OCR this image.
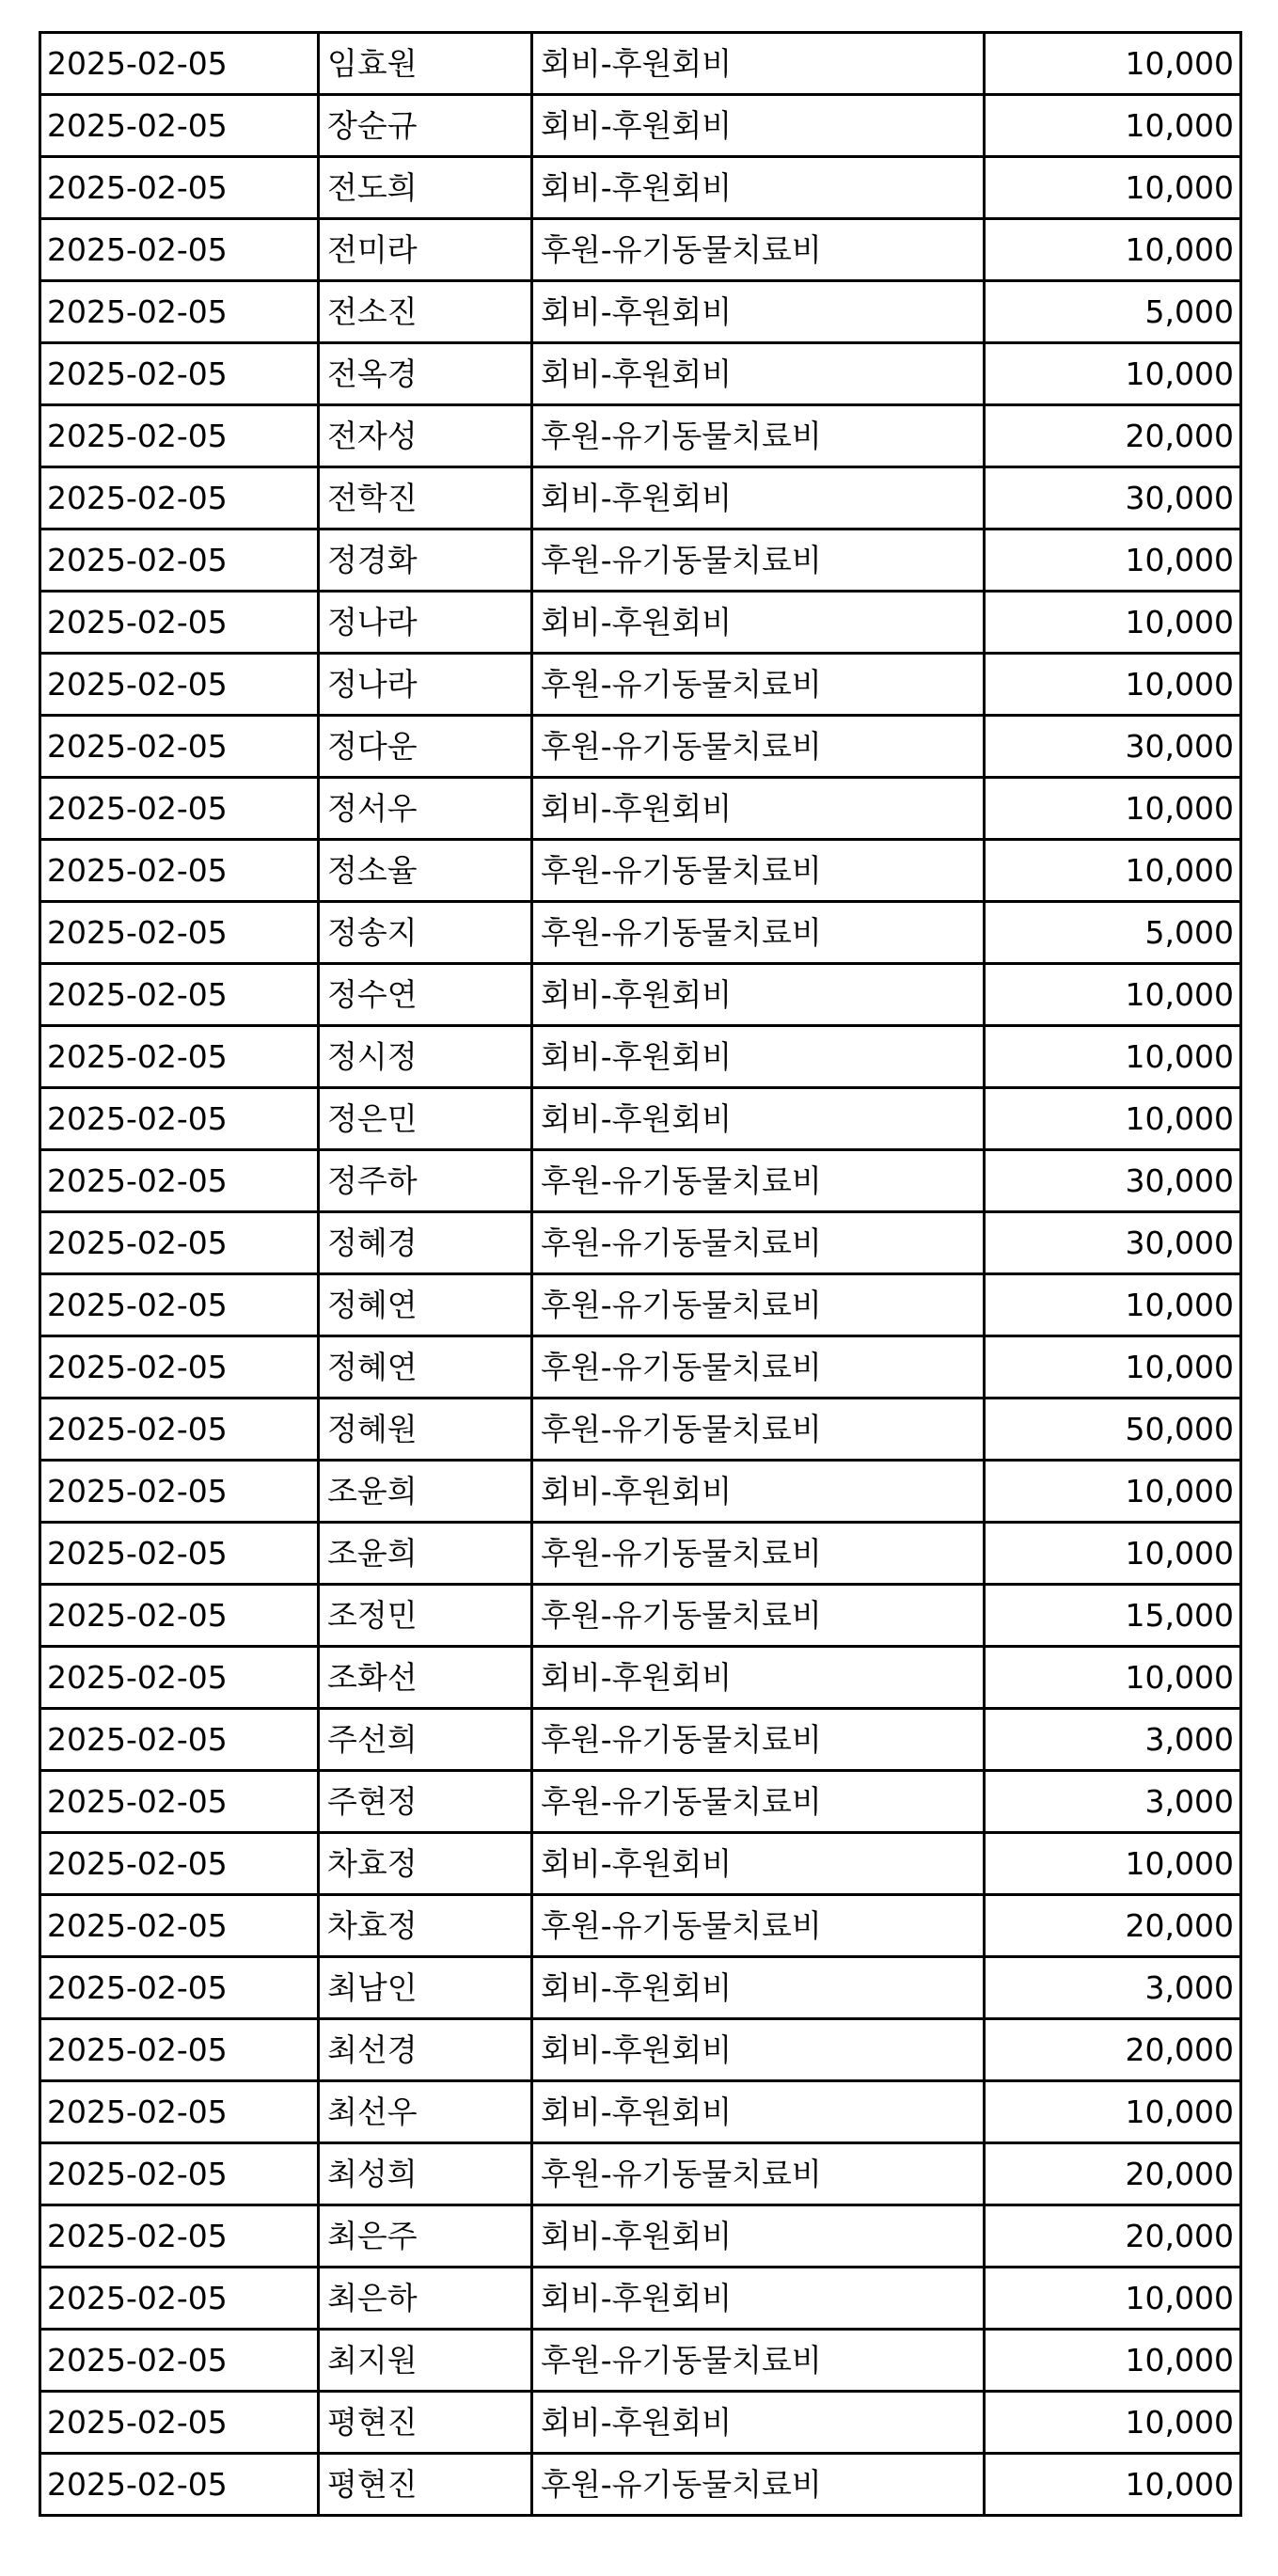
2025-02-05	임효원	회비-후원회비	10,000
2025-02-05	장순규	회비-후원회비	10,000
2025-02-05	전도희	회비-후원회비	10,000
2025-02-05	전미라	후원-유기동물치료비	10,000
2025-02-05	전소진	회비-후원회비	5,000
2025-02-05	전옥경	회비-후원회비	10,000
2025-02-05	전자성	후원-유기동물치료비	20,000
2025-02-05	전학진	회비-후원회비	30,000
2025-02-05	정경화	후원-유기동물치료비	10,000
2025-02-05	정나라	회비-후원회비	10,000
2025-02-05	정나라	후원-유기동물치료비	10,000
2025-02-05	정다운	후원-유기동물치료비	30,000
2025-02-05	정서우	회비-후원회비	10,000
2025-02-05	정소율	후원-유기동물치료비	10,000
2025-02-05	정송지	후원-유기동물치료비	5,000
2025-02-05	정수연	회비-후원회비	10,000
2025-02-05	정시정	회비-후원회비	10,000
2025-02-05	정은민	회비-후원회비	10,000
2025-02-05	정주하	후원-유기동물치료비	30,000
2025-02-05	정혜경	후원-유기동물치료비	30,000
2025-02-05	정혜연	후원-유기동물치료비	10,000
2025-02-05	정혜연	후원-유기동물치료비	10,000
2025-02-05	정혜원	후원-유기동물치료비	50,000
2025-02-05	조윤희	회비-후원회비	10,000
2025-02-05	조윤희	후원-유기동물치료비	10,000
2025-02-05	조정민	후원-유기동물치료비	15,000
2025-02-05	조화선	회비-후원회비	10,000
2025-02-05	주선희	후원-유기동물치료비	3,000
2025-02-05	주현정	후원-유기동물치료비	3,000
2025-02-05	차효정	회비-후원회비	10,000
2025-02-05	차효정	후원-유기동물치료비	20,000
2025-02-05	최남인	회비-후원회비	3,000
2025-02-05	최선경	회비-후원회비	20,000
2025-02-05	최선우	회비-후원회비	10,000
2025-02-05	최성희	후원-유기동물치료비	20,000
2025-02-05	최은주	회비-후원회비	20,000
2025-02-05	최은하	회비-후원회비	10,000
2025-02-05	최지원	후원-유기동물치료비	10,000
2025-02-05	평현진	회비-후원회비	10,000
2025-02-05	평현진	후원-유기동물치료비	10,000
